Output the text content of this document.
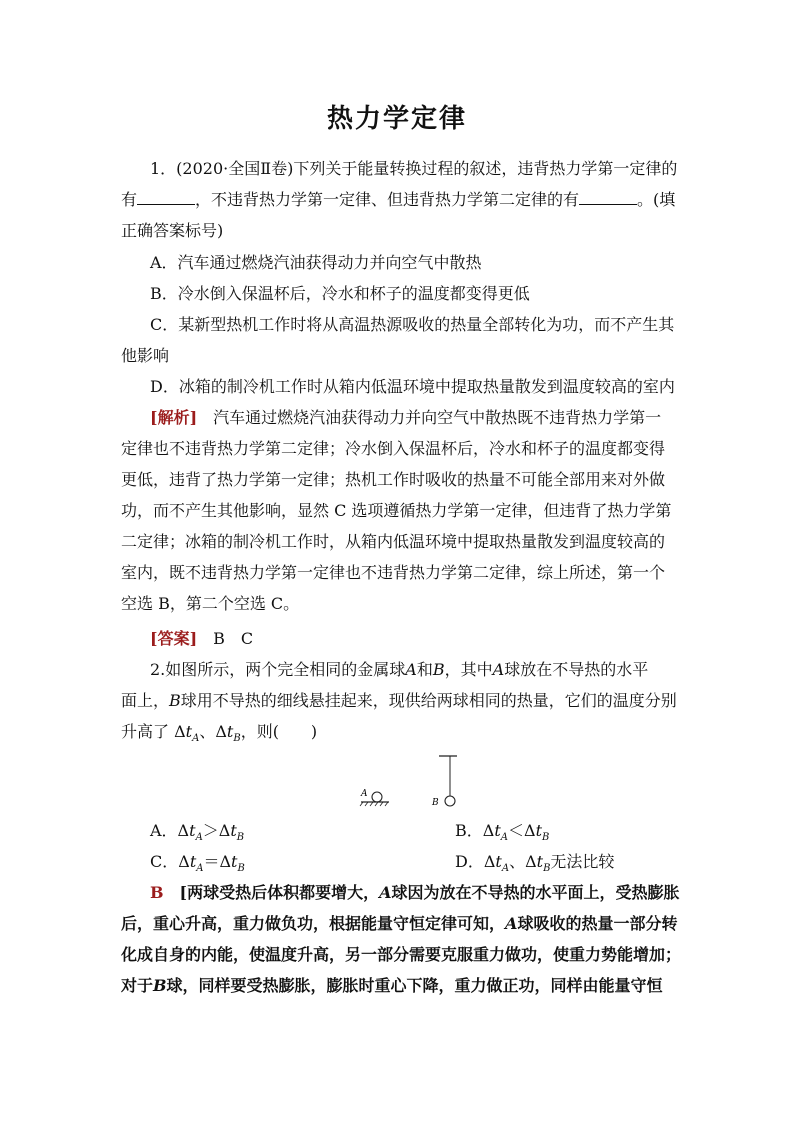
热力学定律
1．(2020·全国Ⅱ卷)下列关于能量转换过程的叙述，违背热力学第一定律的
有	，不违背热力学第一定律、但违背热力学第二定律的有	。(填
正确答案标号)
A．汽车通过燃烧汽油获得动力并向空气中散热
B．冷水倒入保温杯后，冷水和杯子的温度都变得更低
C．某新型热机工作时将从高温热源吸收的热量全部转化为功，而不产生其
他影响
D．冰箱的制冷机工作时从箱内低温环境中提取热量散发到温度较高的室内
[解析]　 汽车通过燃烧汽油获得动力并向空气中散热既不违背热力学第一
定律也不违背热力学第二定律；冷水倒入保温杯后，冷水和杯子的温度都变得
更低，违背了热力学第一定律；热机工作时吸收的热量不可能全部用来对外做
功，而不产生其他影响，显然 C 选项遵循热力学第一定律，但违背了热力学第
二定律；冰箱的制冷机工作时，从箱内低温环境中提取热量散发到温度较高的
室内，既不违背热力学第一定律也不违背热力学第二定律，综上所述，第一个
空选 B，第二个空选 C。
[答案]　 B　C
2.如图所示，两个完全相同的金属球A和B，其中A球放在不导热的水平
面上，B球用不导热的细线悬挂起来，现供给两球相同的热量，它们的温度分别
升高了 $\Delta t_A$、$\Delta t_B$，则(　　)
A
B
A．$\Delta t_A>\Delta t_B$	B．$\Delta t_A<\Delta t_B$
C．$\Delta t_A=\Delta t_B$	D．$\Delta t_A$、$\Delta t_B$无法比较
B　 [两球受热后体积都要增大，A球因为放在不导热的水平面上，受热膨胀
后，重心升高，重力做负功，根据能量守恒定律可知，A球吸收的热量一部分转
化成自身的内能，使温度升高，另一部分需要克服重力做功，使重力势能增加；
对于B球，同样要受热膨胀，膨胀时重心下降，重力做正功，同样由能量守恒
